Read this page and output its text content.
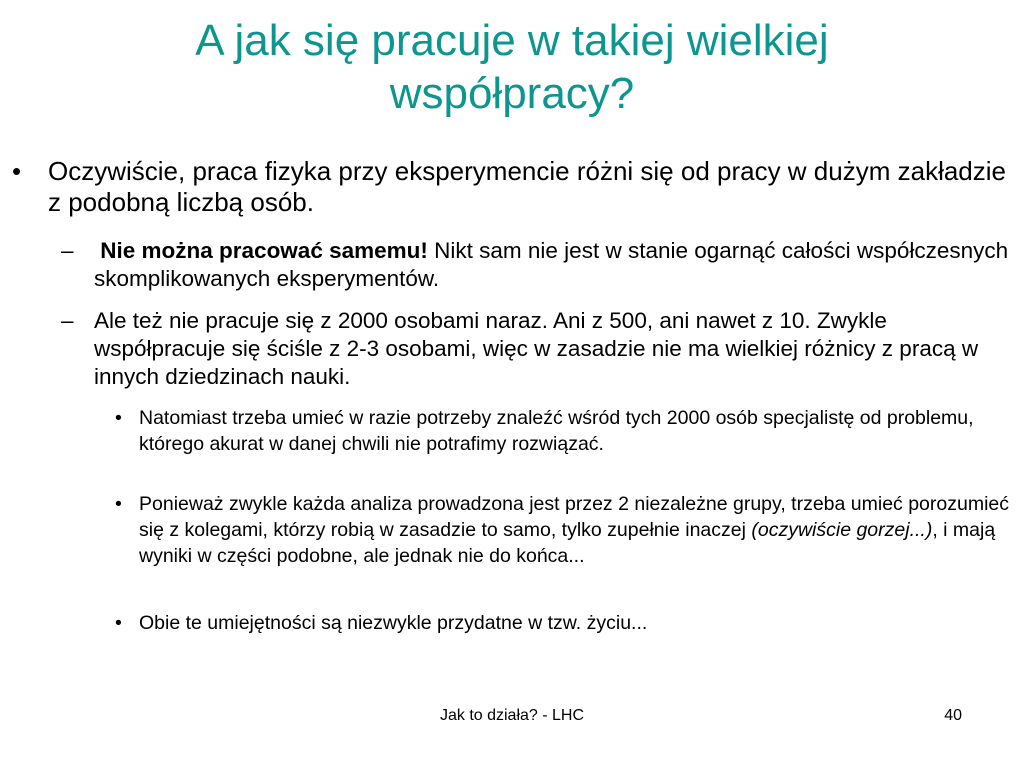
A jak się pracuje w takiej wielkiej
współpracy?
• Oczywiście, praca fizyka przy eksperymencie różni się od pracy w dużym zakładzie z podobną liczbą osób.
– Nie można pracować samemu! Nikt sam nie jest w stanie ogarnąć całości współczesnych skomplikowanych eksperymentów.
– Ale też nie pracuje się z 2000 osobami naraz. Ani z 500, ani nawet z 10. Zwykle współpracuje się ściśle z 2-3 osobami, więc w zasadzie nie ma wielkiej różnicy z pracą w innych dziedzinach nauki.
• Natomiast trzeba umieć w razie potrzeby znaleźć wśród tych 2000 osób specjalistę od problemu, którego akurat w danej chwili nie potrafimy rozwiązać.
• Ponieważ zwykle każda analiza prowadzona jest przez 2 niezależne grupy, trzeba umieć porozumieć się z kolegami, którzy robią w zasadzie to samo, tylko zupełnie inaczej (oczywiście gorzej...), i mają wyniki w części podobne, ale jednak nie do końca...
• Obie te umiejętności są niezwykle przydatne w tzw. życiu...
Jak to działa? - LHC	40
